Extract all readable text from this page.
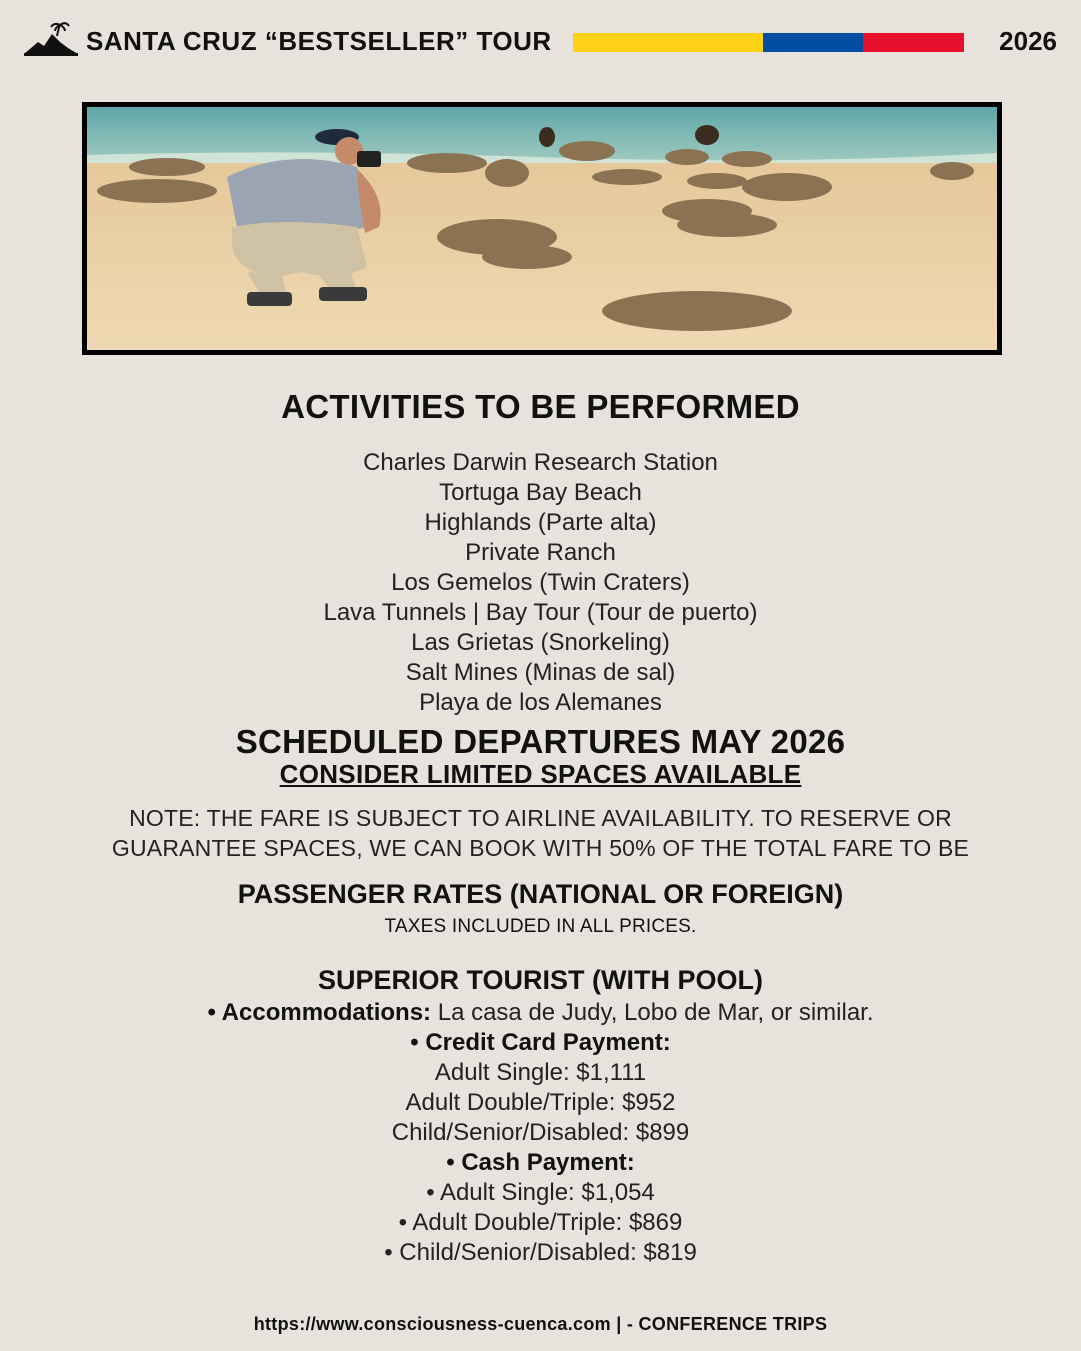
SANTA CRUZ “BESTSELLER” TOUR	2026
ACTIVITIES TO BE PERFORMED
Charles Darwin Research Station
Tortuga Bay Beach
Highlands (Parte alta)
Private Ranch
Los Gemelos (Twin Craters)
Lava Tunnels | Bay Tour (Tour de puerto)
Las Grietas (Snorkeling)
Salt Mines (Minas de sal)
Playa de los Alemanes
SCHEDULED DEPARTURES MAY 2026
CONSIDER LIMITED SPACES AVAILABLE
NOTE: THE FARE IS SUBJECT TO AIRLINE AVAILABILITY. TO RESERVE OR
GUARANTEE SPACES, WE CAN BOOK WITH 50% OF THE TOTAL FARE TO BE
PASSENGER RATES (NATIONAL OR FOREIGN)
TAXES INCLUDED IN ALL PRICES.
SUPERIOR TOURIST (WITH POOL)
• Accommodations: La casa de Judy, Lobo de Mar, or similar.
• Credit Card Payment:
Adult Single: $1,111
Adult Double/Triple: $952
Child/Senior/Disabled: $899
• Cash Payment:
• Adult Single: $1,054
• Adult Double/Triple: $869
• Child/Senior/Disabled: $819
https://www.consciousness-cuenca.com | - CONFERENCE TRIPS
